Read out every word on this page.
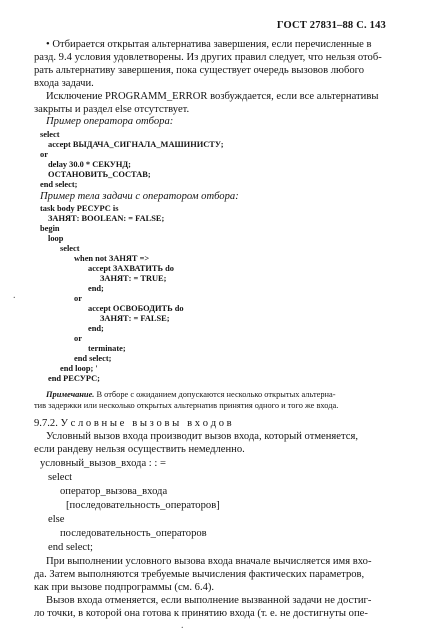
ГОСТ 27831–88 С. 143
• Отбирается открытая альтернатива завершения, если перечисленные в
разд. 9.4 условия удовлетворены. Из других правил следует, что нельзя отоб-
рать альтернативу завершения, пока существует очередь вызовов любого
входа задачи.
Исключение PROGRAMM_ERROR возбуждается, если все альтернативы
закрыты и раздел else отсутствует.
Пример оператора отбора:
select
accept ВЫДАЧА_СИГНАЛА_МАШИНИСТУ;
or
delay 30.0 * СЕКУНД;
ОСТАНОВИТЬ_СОСТАВ;
end select;
Пример тела задачи с оператором отбора:
task body РЕСУРС is
ЗАНЯТ: BOOLEAN: = FALSE;
begin
loop
select
when not ЗАНЯТ =>
accept ЗАХВАТИТЬ do
ЗАНЯТ: = TRUE;
end;
or
accept ОСВОБОДИТЬ do
ЗАНЯТ: = FALSE;
end;
or
terminate;
end select;
end loop; '
end РЕСУРС;
Примечание. В отборе с ожиданием допускаются несколько открытых альтерна-
тив задержки или несколько открытых альтернатив принятия одного и того же входа.
9.7.2. У с л о в н ы е   в ы з о в ы   в х о д о в
Условный вызов входа производит вызов входа, который отменяется,
если рандеву нельзя осуществить немедленно.
условный_вызов_входа : : =
select
оператор_вызова_входа
[последовательность_операторов]
else
последовательность_операторов
end select;
При выполнении условного вызова входа вначале вычисляется имя вхо-
да. Затем выполняются требуемые вычисления фактических параметров,
как при вызове подпрограммы (см. 6.4).
Вызов входа отменяется, если выполнение вызванной задачи не достиг-
ло точки, в которой она готова к принятию входа (т. е. не достигнуты опе-
.
.
